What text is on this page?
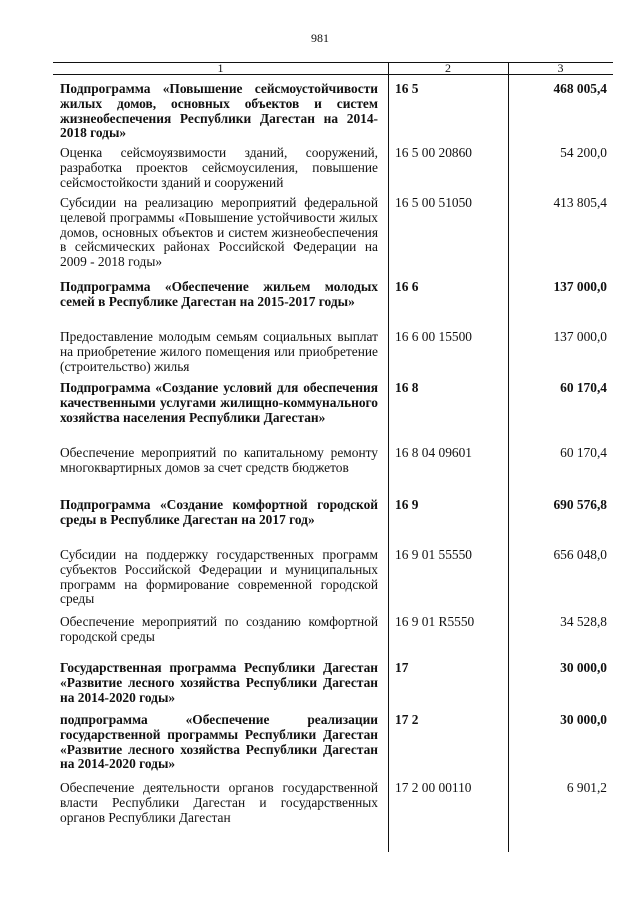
981
1	2	3
Подпрограмма «Повышение сейсмоустойчивости жилых домов, основных объектов и систем жизнеобеспечения Республики Дагестан на 2014-2018 годы»
16 5	468 005,4
Оценка сейсмоуязвимости зданий, сооружений, разработка проектов сейсмоусиления, повышение сейсмостойкости зданий и сооружений
16 5 00 20860	54 200,0
Субсидии на реализацию мероприятий федеральной целевой программы «Повышение устойчивости жилых домов, основных объектов и систем жизнеобеспечения в сейсмических районах Российской Федерации на 2009 - 2018 годы»
16 5 00 51050	413 805,4
Подпрограмма «Обеспечение жильем молодых семей в Республике Дагестан на 2015-2017 годы»
16 6	137 000,0
Предоставление молодым семьям социальных выплат на приобретение жилого помещения или приобретение (строительство) жилья
16 6 00 15500	137 000,0
Подпрограмма «Создание условий для обеспечения качественными услугами жилищно-коммунального хозяйства населения Республики Дагестан»
16 8	60 170,4
Обеспечение мероприятий по капитальному ремонту многоквартирных домов за счет средств бюджетов
16 8 04 09601	60 170,4
Подпрограмма «Создание комфортной городской среды в Республике Дагестан на 2017 год»
16 9	690 576,8
Субсидии на поддержку государственных программ субъектов Российской Федерации и муниципальных программ на формирование современной городской среды
16 9 01 55550	656 048,0
Обеспечение мероприятий по созданию комфортной городской среды
16 9 01 R5550	34 528,8
Государственная программа Республики Дагестан «Развитие лесного хозяйства Республики Дагестан на 2014-2020 годы»
17	30 000,0
подпрограмма «Обеспечение реализации государственной программы Республики Дагестан «Развитие лесного хозяйства Республики Дагестан на 2014-2020 годы»
17 2	30 000,0
Обеспечение деятельности органов государственной власти Республики Дагестан и государственных органов Республики Дагестан
17 2 00 00110	6 901,2
